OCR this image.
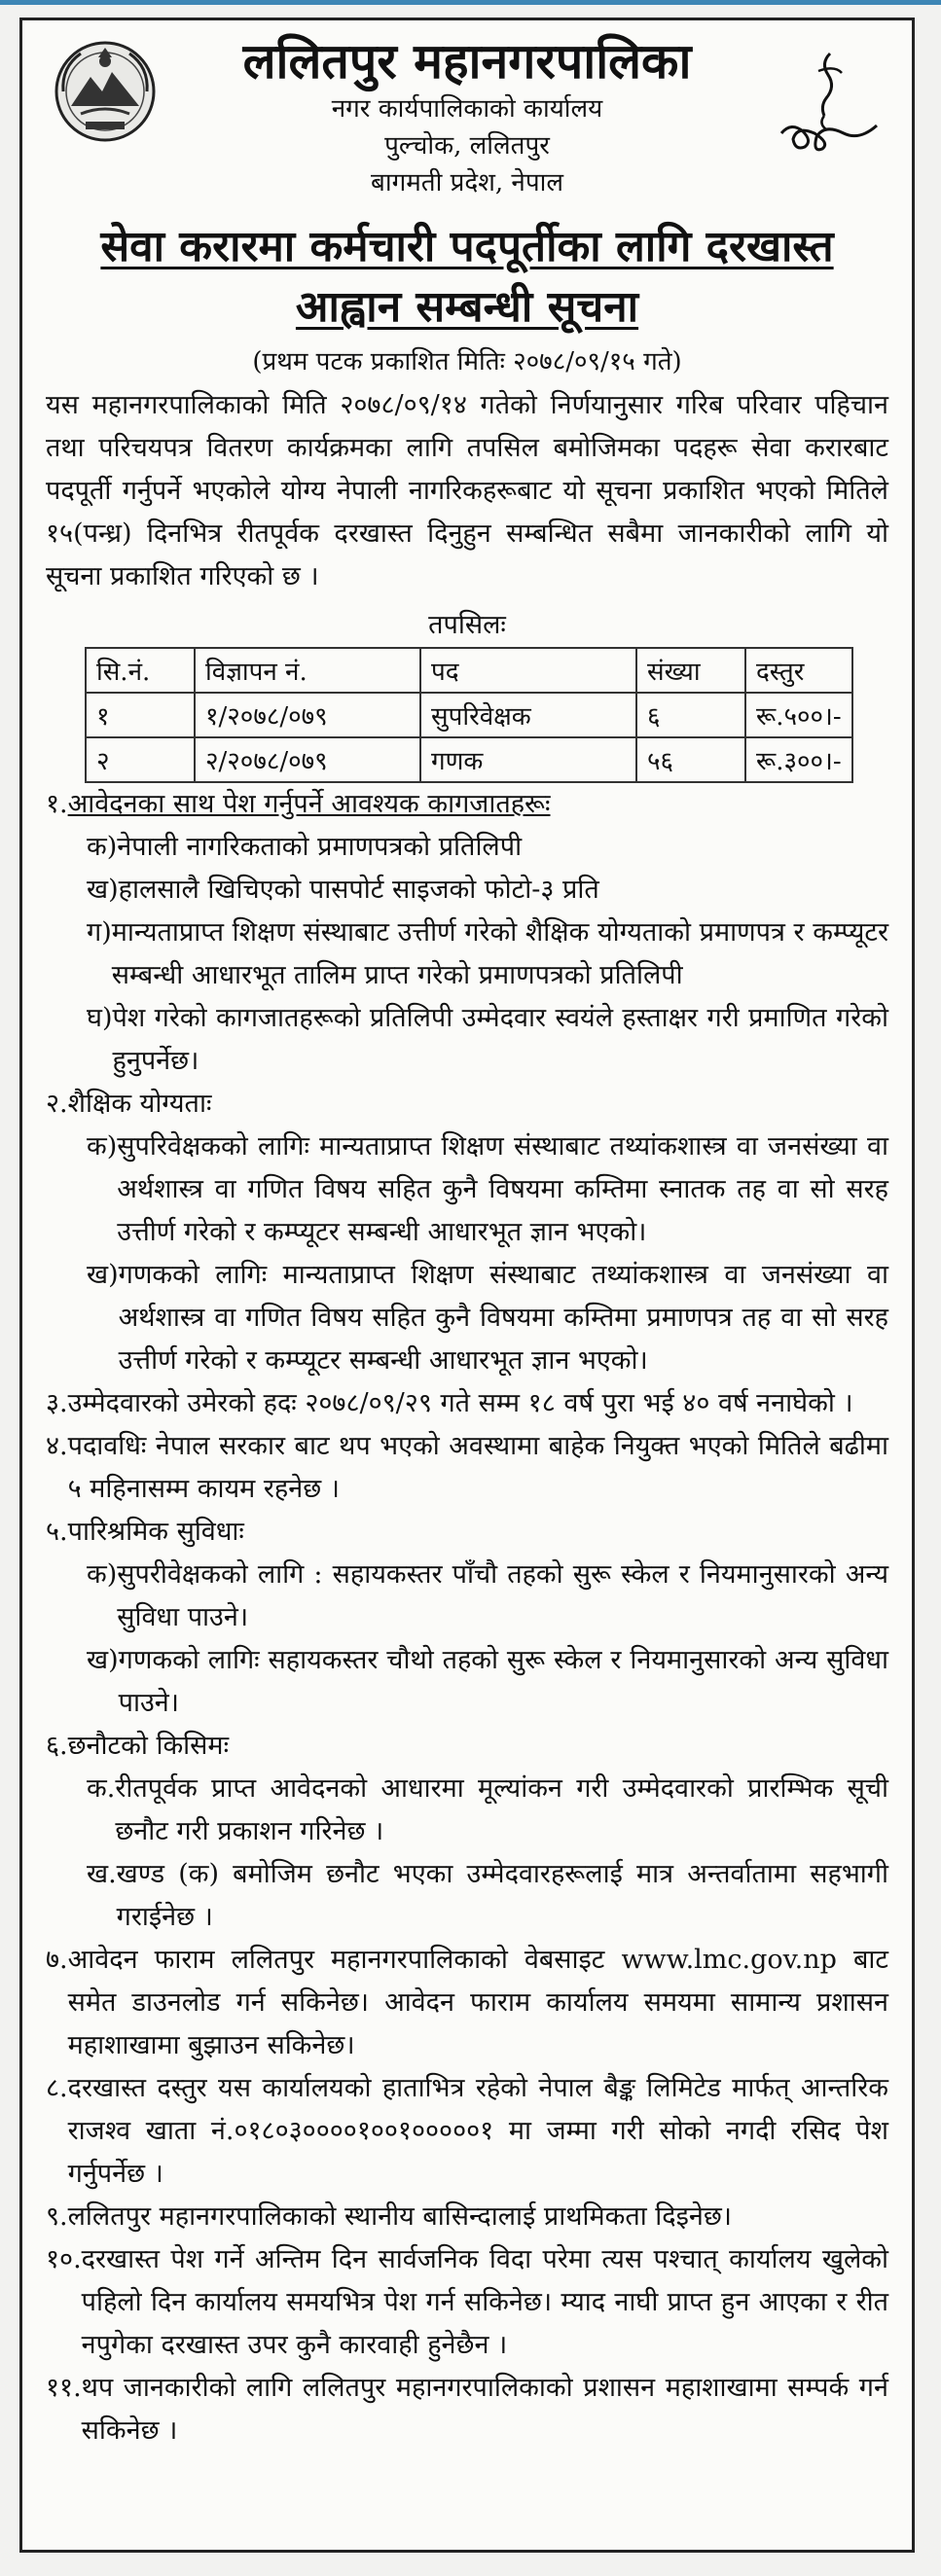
ललितपुर महानगरपालिका
नगर कार्यपालिकाको कार्यालय
पुल्चोक, ललितपुर
बागमती प्रदेश, नेपाल
सेवा करारमा कर्मचारी पदपूर्तीका लागि दरखास्त
आह्वान सम्बन्धी सूचना
(प्रथम पटक प्रकाशित मितिः २०७८/०९/१५ गते)
यस महानगरपालिकाको मिति २०७८/०९/१४ गतेको निर्णयानुसार गरिब परिवार पहिचान तथा परिचयपत्र वितरण कार्यक्रमका लागि तपसिल बमोजिमका पदहरू सेवा करारबाट पदपूर्ती गर्नुपर्ने भएकोले योग्य नेपाली नागरिकहरूबाट यो सूचना प्रकाशित भएको मितिले १५(पन्ध्र) दिनभित्र रीतपूर्वक दरखास्त दिनुहुन सम्बन्धित सबैमा जानकारीको लागि यो सूचना प्रकाशित गरिएको छ ।
तपसिलः
सि.नं.	विज्ञापन नं.	पद	संख्या	दस्तुर
१	१/२०७८/०७९	सुपरिवेक्षक	६	रू.५००।-
२	२/२०७८/०७९	गणक	५६	रू.३००।-
१. आवेदनका साथ पेश गर्नुपर्ने आवश्यक कागजातहरूः
क) नेपाली नागरिकताको प्रमाणपत्रको प्रतिलिपी
ख) हालसालै खिचिएको पासपोर्ट साइजको फोटो-३ प्रति
ग) मान्यताप्राप्त शिक्षण संस्थाबाट उत्तीर्ण गरेको शैक्षिक योग्यताको प्रमाणपत्र र कम्प्यूटर सम्बन्धी आधारभूत तालिम प्राप्त गरेको प्रमाणपत्रको प्रतिलिपी
घ) पेश गरेको कागजातहरूको प्रतिलिपी उम्मेदवार स्वयंले हस्ताक्षर गरी प्रमाणित गरेको हुनुपर्नेछ।
२. शैक्षिक योग्यताः
क) सुपरिवेक्षकको लागिः मान्यताप्राप्त शिक्षण संस्थाबाट तथ्यांकशास्त्र वा जनसंख्या वा अर्थशास्त्र वा गणित विषय सहित कुनै विषयमा कम्तिमा स्नातक तह वा सो सरह उत्तीर्ण गरेको र कम्प्यूटर सम्बन्धी आधारभूत ज्ञान भएको।
ख) गणकको लागिः मान्यताप्राप्त शिक्षण संस्थाबाट तथ्यांकशास्त्र वा जनसंख्या वा अर्थशास्त्र वा गणित विषय सहित कुनै विषयमा कम्तिमा प्रमाणपत्र तह वा सो सरह उत्तीर्ण गरेको र कम्प्यूटर सम्बन्धी आधारभूत ज्ञान भएको।
३. उम्मेदवारको उमेरको हदः २०७८/०९/२९ गते सम्म १८ वर्ष पुरा भई ४० वर्ष ननाघेको ।
४. पदावधिः नेपाल सरकार बाट थप भएको अवस्थामा बाहेक नियुक्त भएको मितिले बढीमा ५ महिनासम्म कायम रहनेछ ।
५. पारिश्रमिक सुविधाः
क) सुपरीवेक्षकको लागि : सहायकस्तर पाँचौ तहको सुरू स्केल र नियमानुसारको अन्य सुविधा पाउने।
ख) गणकको लागिः सहायकस्तर चौथो तहको सुरू स्केल र नियमानुसारको अन्य सुविधा पाउने।
६. छनौटको किसिमः
क. रीतपूर्वक प्राप्त आवेदनको आधारमा मूल्यांकन गरी उम्मेदवारको प्रारम्भिक सूची छनौट गरी प्रकाशन गरिनेछ ।
ख. खण्ड (क) बमोजिम छनौट भएका उम्मेदवारहरूलाई मात्र अन्तर्वातामा सहभागी गराईनेछ ।
७. आवेदन फाराम ललितपुर महानगरपालिकाको वेबसाइट www.lmc.gov.np बाट समेत डाउनलोड गर्न सकिनेछ। आवेदन फाराम कार्यालय समयमा सामान्य प्रशासन महाशाखामा बुझाउन सकिनेछ।
८. दरखास्त दस्तुर यस कार्यालयको हाताभित्र रहेको नेपाल बैङ्क लिमिटेड मार्फत् आन्तरिक राजश्व खाता नं.०१८०३००००१००१०००००१ मा जम्मा गरी सोको नगदी रसिद पेश गर्नुपर्नेछ ।
९. ललितपुर महानगरपालिकाको स्थानीय बासिन्दालाई प्राथमिकता दिइनेछ।
१०. दरखास्त पेश गर्ने अन्तिम दिन सार्वजनिक विदा परेमा त्यस पश्चात् कार्यालय खुलेको पहिलो दिन कार्यालय समयभित्र पेश गर्न सकिनेछ। म्याद नाघी प्राप्त हुन आएका र रीत नपुगेका दरखास्त उपर कुनै कारवाही हुनेछैन ।
११. थप जानकारीको लागि ललितपुर महानगरपालिकाको प्रशासन महाशाखामा सम्पर्क गर्न सकिनेछ ।
